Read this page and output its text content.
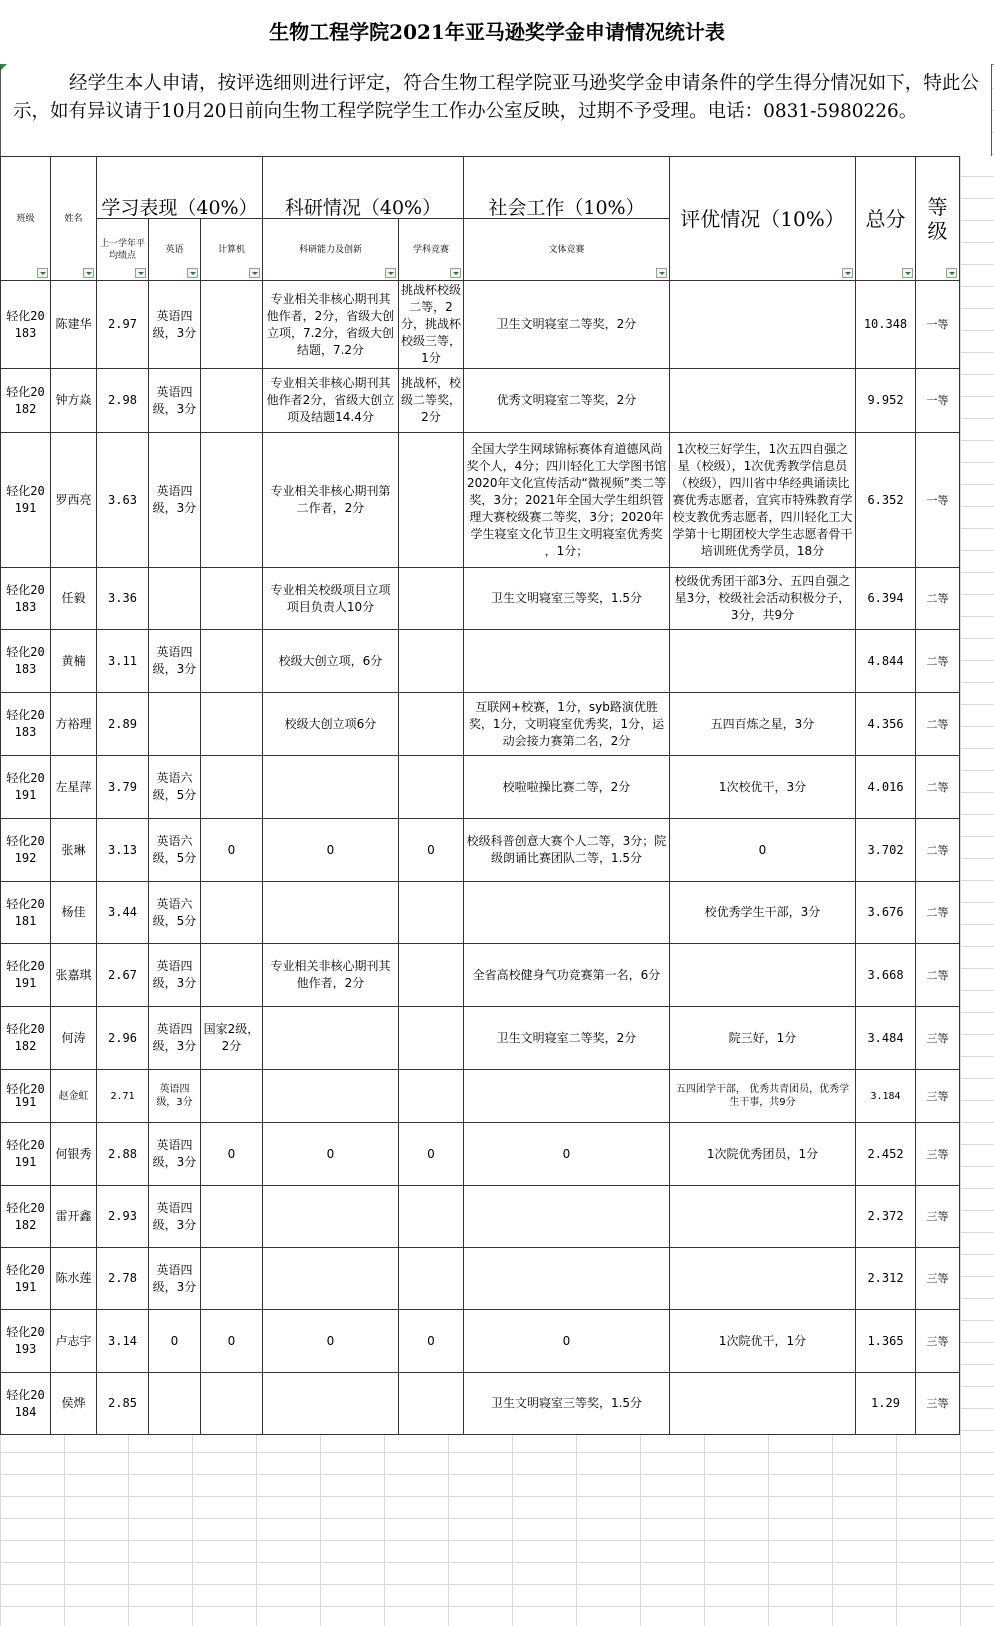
生物工程学院2021年亚马逊奖学金申请情况统计表
经学生本人申请，按评选细则进行评定，符合生物工程学院亚马逊奖学金申请条件的学生得分情况如下，特此公示，如有异议请于10月20日前向生物工程学院学生工作办公室反映，过期不予受理。电话：0831-5980226。
班级	姓名	学习表现（40%）			科研情况（40%）		社会工作（10%）	评优情况（10%）	总分	等级

		上一学年平均绩点	英语	计算机	科研能力及创新	学科竞赛	文体竞赛			

轻化20183	陈建华	2.97	英语四级，3分		专业相关非核心期刊其他作者，2分，省级大创立项，7.2分，省级大创结题，7.2分	挑战杯校级二等，2分，挑战杯校级三等，1分	卫生文明寝室二等奖，2分		10.348	一等
轻化20182	钟方焱	2.98	英语四级，3分		专业相关非核心期刊其他作者2分，省级大创立项及结题14.4分	挑战杯，校级二等奖，2分	优秀文明寝室二等奖，2分		9.952	一等
轻化20191	罗西亮	3.63	英语四级，3分		专业相关非核心期刊第二作者，2分		全国大学生网球锦标赛体育道德风尚奖个人，4分；四川轻化工大学图书馆2020年文化宣传活动“微视频”类二等奖，3分；2021年全国大学生组织管理大赛校级赛二等奖，3分；2020年学生寝室文化节卫生文明寝室优秀奖 ，1分；	1次校三好学生，1次五四自强之星（校级），1次优秀教学信息员（校级），四川省中华经典诵读比赛优秀志愿者，宜宾市特殊教育学校支教优秀志愿者，四川轻化工大学第十七期团校大学生志愿者骨干培训班优秀学员，18分	6.352	一等
轻化20183	任毅	3.36			专业相关校级项目立项项目负责人10分		卫生文明寝室三等奖，1.5分	校级优秀团干部3分、五四自强之星3分，校级社会活动积极分子，3分，共9分	6.394	二等
轻化20183	黄楠	3.11	英语四级，3分		校级大创立项，6分				4.844	二等
轻化20183	方裕理	2.89			校级大创立项6分		互联网+校赛，1分，syb路演优胜奖，1分，文明寝室优秀奖，1分，运动会接力赛第二名，2分	五四百炼之星，3分	4.356	二等
轻化20191	左星萍	3.79	英语六级，5分				校啦啦操比赛二等，2分	1次校优干，3分	4.016	二等
轻化20192	张琳	3.13	英语六级，5分	0	0	0	校级科普创意大赛个人二等，3分；院级朗诵比赛团队二等，1.5分	0	3.702	二等
轻化20181	杨佳	3.44	英语六级，5分					校优秀学生干部，3分	3.676	二等
轻化20191	张嘉琪	2.67	英语四级，3分		专业相关非核心期刊其他作者，2分		全省高校健身气功竞赛第一名，6分		3.668	二等
轻化20182	何涛	2.96	英语四级，3分	国家2级，2分			卫生文明寝室二等奖，2分	院三好，1分	3.484	三等
轻化20191	赵金虹	2.71	英语四级，3分					五四团学干部， 优秀共青团员，优秀学生干事，共9分	3.184	三等
轻化20191	何银秀	2.88	英语四级，3分	0	0	0	0	1次院优秀团员，1分	2.452	三等
轻化20182	雷开鑫	2.93	英语四级，3分						2.372	三等
轻化20191	陈水莲	2.78	英语四级，3分						2.312	三等
轻化20193	卢志宇	3.14	0	0	0	0	0	1次院优干，1分	1.365	三等
轻化20184	侯烨	2.85					卫生文明寝室三等奖，1.5分		1.29	三等
